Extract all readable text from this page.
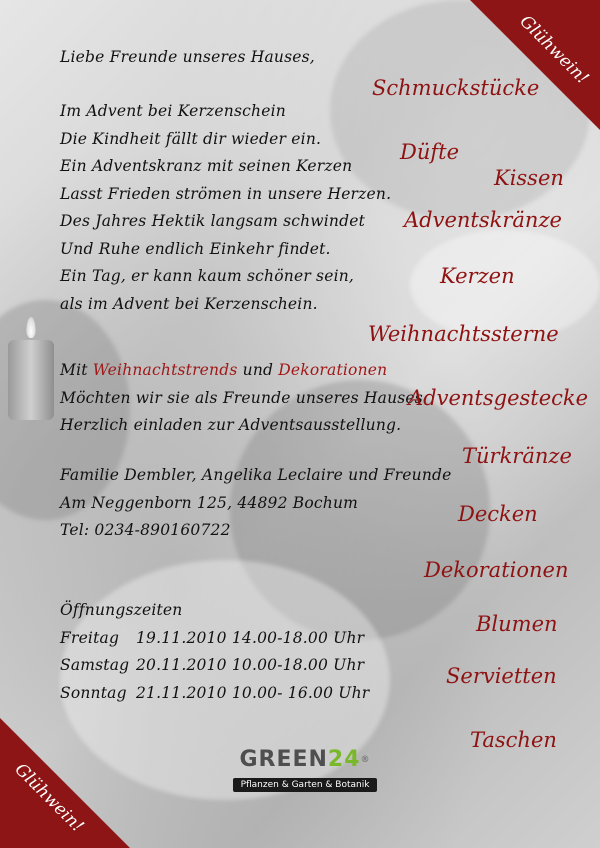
Glühwein!
Glühwein!

Liebe Freunde unseres Hauses,

Im Advent bei Kerzenschein

Die Kindheit fällt dir wieder ein.

Ein Adventskranz mit seinen Kerzen

Lasst Frieden strömen in unsere Herzen.

Des Jahres Hektik langsam schwindet

Und Ruhe endlich Einkehr findet.

Ein Tag, er kann kaum schöner sein,

als im Advent bei Kerzenschein.

Mit Weihnachtstrends und Dekorationen

Möchten wir sie als Freunde unseres Hauses

Herzlich einladen zur Adventsausstellung.

Familie Dembler, Angelika Leclaire und Freunde

Am Neggenborn 125, 44892 Bochum

Tel: 0234-890160722

Öffnungszeiten

Freitag 19.11.2010 14.00-18.00 Uhr

Samstag 20.11.2010 10.00-18.00 Uhr

Sonntag 21.11.2010 10.00- 16.00 Uhr

Schmuckstücke
Düfte
Kissen
Adventskränze
Kerzen
Weihnachtssterne
Adventsgestecke
Türkränze
Decken
Dekorationen
Blumen
Servietten
Taschen
GREEN24®
Pflanzen & Garten & Botanik
